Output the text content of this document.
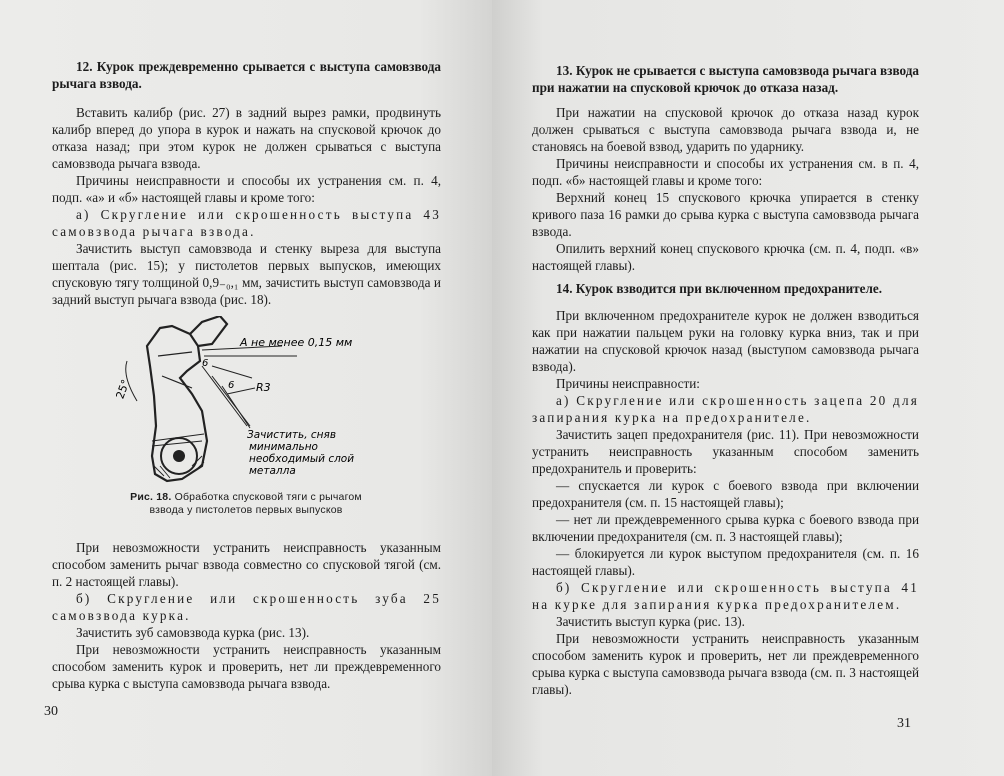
12. Курок преждевременно срывается с выступа самовзвода рычага взвода.

Вставить калибр (рис. 27) в задний вырез рамки, продвинуть калибр вперед до упора в курок и нажать на спусковой крючок до отказа назад; при этом курок не должен срываться с выступа самовзвода рычага взвода.

Причины неисправности и способы их устранения см. п. 4, подп. «а» и «б» настоящей главы и кроме того:

а) Скругление или скрошенность выступа 43 самовзвода рычага взвода.

Зачистить выступ самовзвода и стенку выреза для выступа шептала (рис. 15); у пистолетов первых выпусков, имеющих спусковую тягу толщиной 0,9₋₀,₁ мм, зачистить выступ самовзвода и задний выступ рычага взвода (рис. 18).

А не менее 0,15 мм
6
6 R3
25°
Зачистить, сняв
минимально
необходимый слой
металла
Рис. 18. Обработка спусковой тяги с рычагом взвода у пистолетов первых выпусков

При невозможности устранить неисправность указанным способом заменить рычаг взвода совместно со спусковой тягой (см. п. 2 настоящей главы).

б) Скругление или скрошенность зуба 25 самовзвода курка.

Зачистить зуб самовзвода курка (рис. 13).

При невозможности устранить неисправность указанным способом заменить курок и проверить, нет ли преждевременного срыва курка с выступа самовзвода рычага взвода.

30

13. Курок не срывается с выступа самовзвода рычага взвода при нажатии на спусковой крючок до отказа назад.

При нажатии на спусковой крючок до отказа назад курок должен срываться с выступа самовзвода рычага взвода и, не становясь на боевой взвод, ударить по ударнику.

Причины неисправности и способы их устранения см. в п. 4, подп. «б» настоящей главы и кроме того:

Верхний конец 15 спускового крючка упирается в стенку кривого паза 16 рамки до срыва курка с выступа самовзвода рычага взвода.

Опилить верхний конец спускового крючка (см. п. 4, подп. «в» настоящей главы).

14. Курок взводится при включенном предохранителе.

При включенном предохранителе курок не должен взводиться как при нажатии пальцем руки на головку курка вниз, так и при нажатии на спусковой крючок назад (выступом самовзвода рычага взвода).

Причины неисправности:

а) Скругление или скрошенность зацепа 20 для запирания курка на предохранителе.

Зачистить зацеп предохранителя (рис. 11). При невозможности устранить неисправность указанным способом заменить предохранитель и проверить:

— спускается ли курок с боевого взвода при включении предохранителя (см. п. 15 настоящей главы);

— нет ли преждевременного срыва курка с боевого взвода при включении предохранителя (см. п. 3 настоящей главы);

— блокируется ли курок выступом предохранителя (см. п. 16 настоящей главы).

б) Скругление или скрошенность выступа 41 на курке для запирания курка предохранителем.

Зачистить выступ курка (рис. 13).

При невозможности устранить неисправность указанным способом заменить курок и проверить, нет ли преждевременного срыва курка с выступа самовзвода рычага взвода (см. п. 3 настоящей главы).

31
